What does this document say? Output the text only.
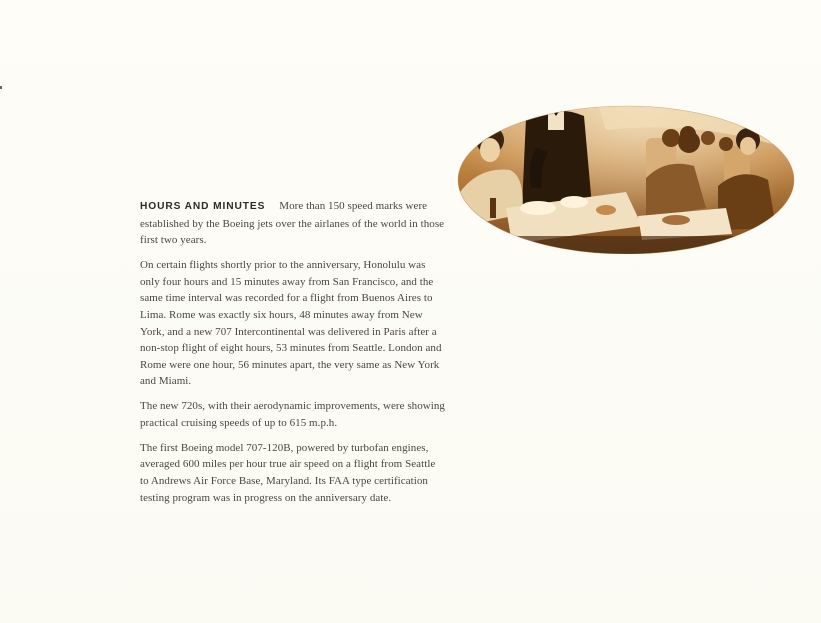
HOURS AND MINUTES More than 150 speed marks were established by the Boeing jets over the airlanes of the world in those first two years.

On certain flights shortly prior to the anniversary, Honolulu was only four hours and 15 minutes away from San Francisco, and the same time interval was recorded for a flight from Buenos Aires to Lima. Rome was exactly six hours, 48 minutes away from New York, and a new 707 Intercontinental was delivered in Paris after a non-stop flight of eight hours, 53 minutes from Seattle. London and Rome were one hour, 56 minutes apart, the very same as New York and Miami.

The new 720s, with their aerodynamic improvements, were showing practical cruising speeds of up to 615 m.p.h.

The first Boeing model 707-120B, powered by turbofan engines, averaged 600 miles per hour true air speed on a flight from Seattle to Andrews Air Force Base, Maryland. Its FAA type certification testing program was in progress on the anniversary date.
